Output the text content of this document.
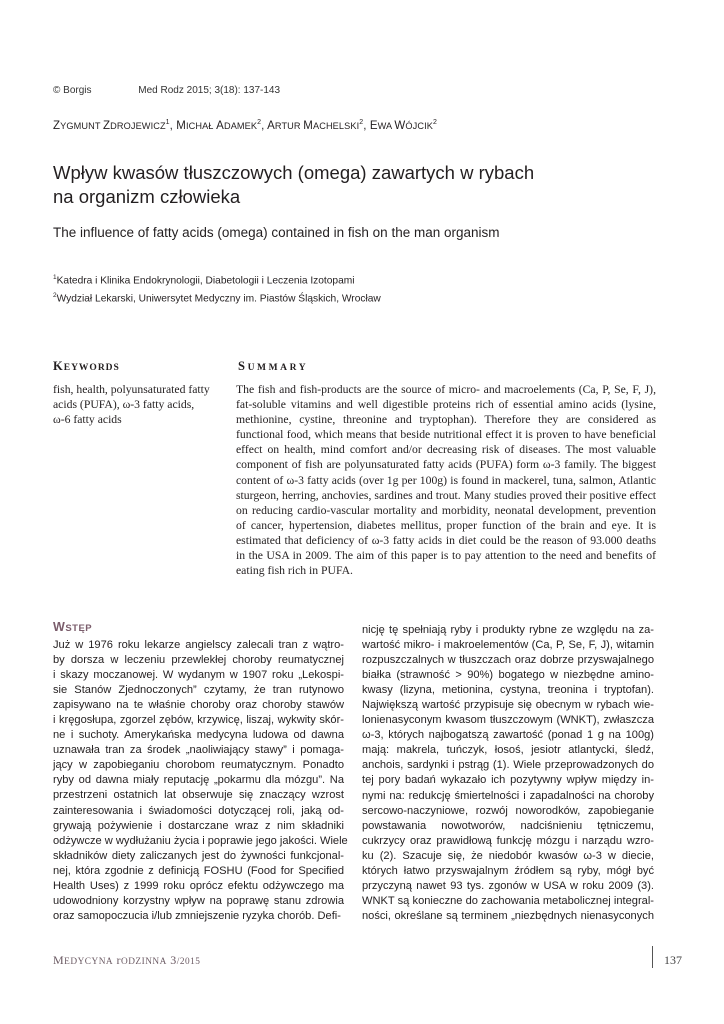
© Borgis	Med Rodz 2015; 3(18): 137-143
ZYGMUNT ZDROJEWICZ$^1$, MICHAŁ ADAMEK$^2$, ARTUR MACHELSKI$^2$, EWA WÓJCIK$^2$
Wpływ kwasów tłuszczowych (omega) zawartych w rybach
na organizm człowieka
The influence of fatty acids (omega) contained in fish on the man organism
$^1$Katedra i Klinika Endokrynologii, Diabetologii i Leczenia Izotopami
$^2$Wydział Lekarski, Uniwersytet Medyczny im. Piastów Śląskich, Wrocław
KEYWORDS	SUMMARY
fish, health, polyunsaturated fatty
acids (PUFA), ω-3 fatty acids,
ω-6 fatty acids
The fish and fish-products are the source of micro- and macroelements (Ca, P, Se, F, J),
fat-soluble vitamins and well digestible proteins rich of essential amino acids (lysine,
methionine, cystine, threonine and tryptophan). Therefore they are considered as
functional food, which means that beside nutritional effect it is proven to have beneficial
effect on health, mind comfort and/or decreasing risk of diseases. The most valuable
component of fish are polyunsaturated fatty acids (PUFA) form ω-3 family. The biggest
content of ω-3 fatty acids (over 1g per 100g) is found in mackerel, tuna, salmon, Atlantic
sturgeon, herring, anchovies, sardines and trout. Many studies proved their positive effect
on reducing cardio-vascular mortality and morbidity, neonatal development, prevention
of cancer, hypertension, diabetes mellitus, proper function of the brain and eye. It is
estimated that deficiency of ω-3 fatty acids in diet could be the reason of 93.000 deaths
in the USA in 2009. The aim of this paper is to pay attention to the need and benefits of
eating fish rich in PUFA.
WSTĘP
Już w 1976 roku lekarze angielscy zalecali tran z wątro-
by dorsza w leczeniu przewlekłej choroby reumatycznej
i skazy moczanowej. W wydanym w 1907 roku „Lekospi-
sie Stanów Zjednoczonych” czytamy, że tran rutynowo
zapisywano na te właśnie choroby oraz choroby stawów
i kręgosłupa, zgorzel zębów, krzywicę, liszaj, wykwity skór-
ne i suchoty. Amerykańska medycyna ludowa od dawna
uznawała tran za środek „naoliwiający stawy” i pomaga-
jący w zapobieganiu chorobom reumatycznym. Ponadto
ryby od dawna miały reputację „pokarmu dla mózgu”. Na
przestrzeni ostatnich lat obserwuje się znaczący wzrost
zainteresowania i świadomości dotyczącej roli, jaką od-
grywają pożywienie i dostarczane wraz z nim składniki
odżywcze w wydłużaniu życia i poprawie jego jakości. Wiele
składników diety zaliczanych jest do żywności funkcjonal-
nej, która zgodnie z definicją FOSHU (Food for Specified
Health Uses) z 1999 roku oprócz efektu odżywczego ma
udowodniony korzystny wpływ na poprawę stanu zdrowia
oraz samopoczucia i/lub zmniejszenie ryzyka chorób. Defi-
nicję tę spełniają ryby i produkty rybne ze względu na za-
wartość mikro- i makroelementów (Ca, P, Se, F, J), witamin
rozpuszczalnych w tłuszczach oraz dobrze przyswajalnego
białka (strawność > 90%) bogatego w niezbędne amino-
kwasy (lizyna, metionina, cystyna, treonina i tryptofan).
Największą wartość przypisuje się obecnym w rybach wie-
lonienasyconym kwasom tłuszczowym (WNKT), zwłaszcza
ω-3, których najbogatszą zawartość (ponad 1 g na 100g)
mają: makrela, tuńczyk, łosoś, jesiotr atlantycki, śledź,
anchois, sardynki i pstrąg (1). Wiele przeprowadzonych do
tej pory badań wykazało ich pozytywny wpływ między in-
nymi na: redukcję śmiertelności i zapadalności na choroby
sercowo-naczyniowe, rozwój noworodków, zapobieganie
powstawania nowotworów, nadciśnieniu tętniczemu,
cukrzycy oraz prawidłową funkcję mózgu i narządu wzro-
ku (2). Szacuje się, że niedobór kwasów ω-3 w diecie,
których łatwo przyswajalnym źródłem są ryby, mógł być
przyczyną nawet 93 tys. zgonów w USA w roku 2009 (3).
WNKT są konieczne do zachowania metabolicznej integral-
ności, określane są terminem „niezbędnych nienasyconych
MEDYCYNA rODZINNA 3/2015	137
